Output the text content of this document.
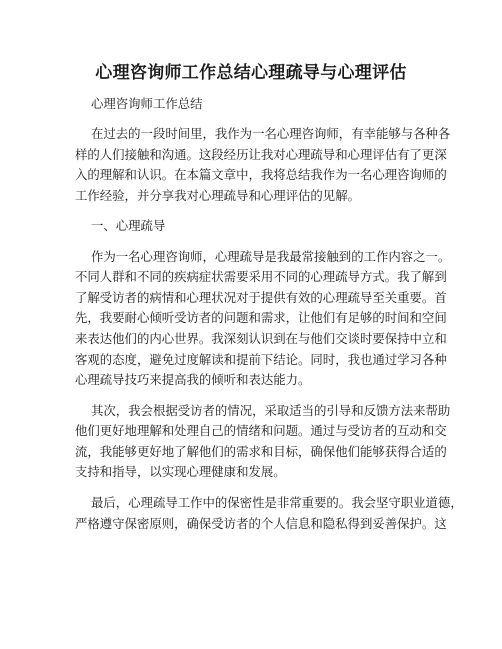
心理咨询师工作总结心理疏导与心理评估
心理咨询师工作总结
在过去的一段时间里，我作为一名心理咨询师，有幸能够与各种各
样的人们接触和沟通。这段经历让我对心理疏导和心理评估有了更深
入的理解和认识。在本篇文章中，我将总结我作为一名心理咨询师的
工作经验，并分享我对心理疏导和心理评估的见解。
一、心理疏导
作为一名心理咨询师，心理疏导是我最常接触到的工作内容之一。
不同人群和不同的疾病症状需要采用不同的心理疏导方式。我了解到
了解受访者的病情和心理状况对于提供有效的心理疏导至关重要。首
先，我要耐心倾听受访者的问题和需求，让他们有足够的时间和空间
来表达他们的内心世界。我深刻认识到在与他们交谈时要保持中立和
客观的态度，避免过度解读和提前下结论。同时，我也通过学习各种
心理疏导技巧来提高我的倾听和表达能力。
其次，我会根据受访者的情况，采取适当的引导和反馈方法来帮助
他们更好地理解和处理自己的情绪和问题。通过与受访者的互动和交
流，我能够更好地了解他们的需求和目标，确保他们能够获得合适的
支持和指导，以实现心理健康和发展。
最后，心理疏导工作中的保密性是非常重要的。我会坚守职业道德，
严格遵守保密原则，确保受访者的个人信息和隐私得到妥善保护。这
